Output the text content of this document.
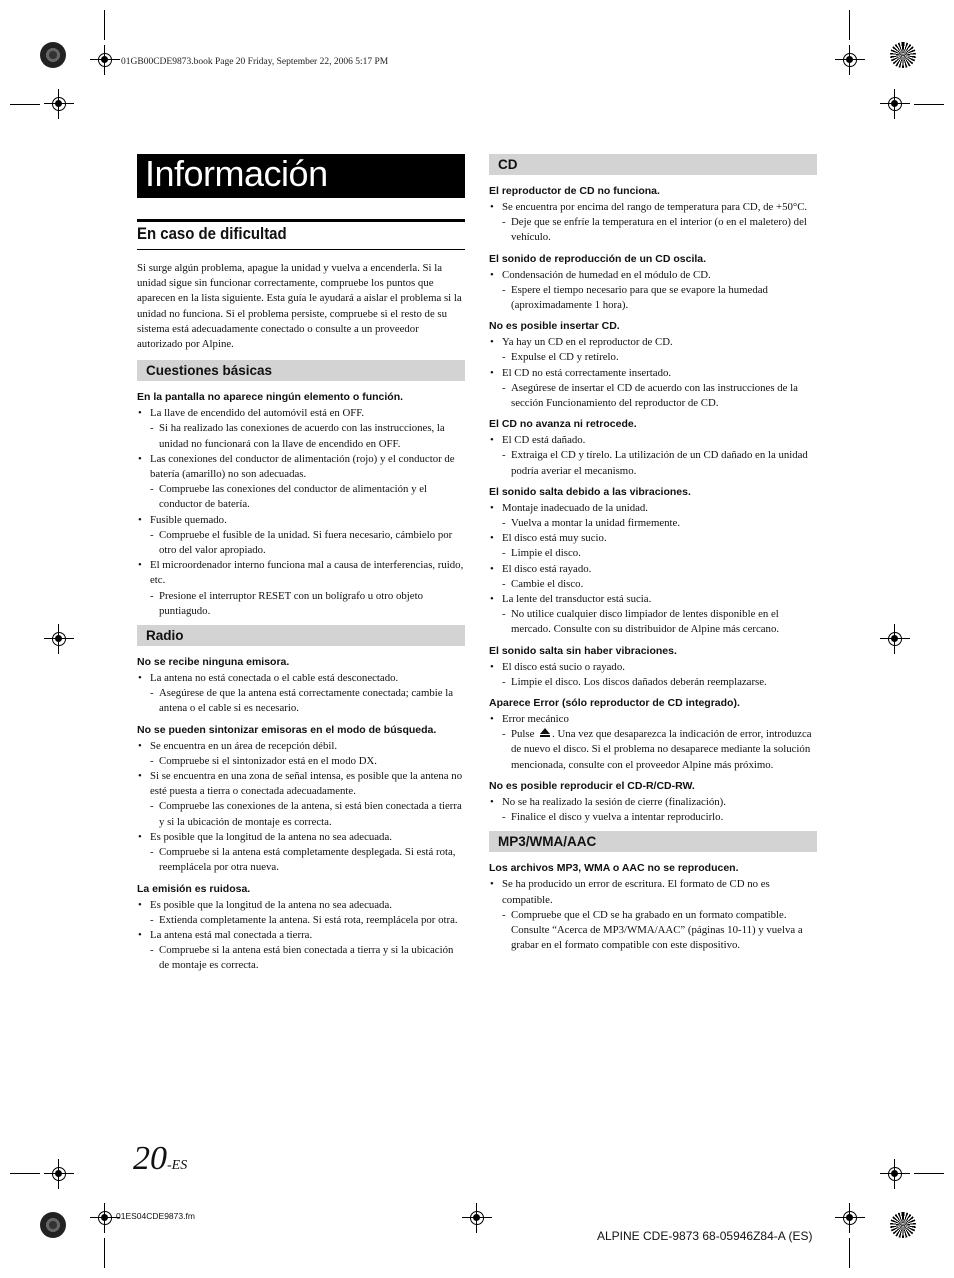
01GB00CDE9873.book Page 20 Friday, September 22, 2006 5:17 PM
Información
En caso de dificultad

Si surge algún problema, apague la unidad y vuelva a encenderla. Si la unidad sigue sin funcionar correctamente, compruebe los puntos que aparecen en la lista siguiente. Esta guía le ayudará a aislar el problema si la unidad no funciona. Si el problema persiste, compruebe si el resto de su sistema está adecuadamente conectado o consulte a un proveedor autorizado por Alpine.

Cuestiones básicas
En la pantalla no aparece ningún elemento o función.
• La llave de encendido del automóvil está en OFF.
- Si ha realizado las conexiones de acuerdo con las instrucciones, la unidad no funcionará con la llave de encendido en OFF.
• Las conexiones del conductor de alimentación (rojo) y el conductor de batería (amarillo) no son adecuadas.
- Compruebe las conexiones del conductor de alimentación y el conductor de batería.
• Fusible quemado.
- Compruebe el fusible de la unidad. Si fuera necesario, cámbielo por otro del valor apropiado.
• El microordenador interno funciona mal a causa de interferencias, ruido, etc.
- Presione el interruptor RESET con un bolígrafo u otro objeto puntiagudo.
Radio
No se recibe ninguna emisora.
• La antena no está conectada o el cable está desconectado.
- Asegúrese de que la antena está correctamente conectada; cambie la antena o el cable si es necesario.
No se pueden sintonizar emisoras en el modo de búsqueda.
• Se encuentra en un área de recepción débil.
- Compruebe si el sintonizador está en el modo DX.
• Si se encuentra en una zona de señal intensa, es posible que la antena no esté puesta a tierra o conectada adecuadamente.
- Compruebe las conexiones de la antena, si está bien conectada a tierra y si la ubicación de montaje es correcta.
• Es posible que la longitud de la antena no sea adecuada.
- Compruebe si la antena está completamente desplegada. Si está rota, reemplácela por otra nueva.
La emisión es ruidosa.
• Es posible que la longitud de la antena no sea adecuada.
- Extienda completamente la antena. Si está rota, reemplácela por otra.
• La antena está mal conectada a tierra.
- Compruebe si la antena está bien conectada a tierra y si la ubicación de montaje es correcta.
CD
El reproductor de CD no funciona.
• Se encuentra por encima del rango de temperatura para CD, de +50°C.
- Deje que se enfríe la temperatura en el interior (o en el maletero) del vehículo.
El sonido de reproducción de un CD oscila.
• Condensación de humedad en el módulo de CD.
- Espere el tiempo necesario para que se evapore la humedad (aproximadamente 1 hora).
No es posible insertar CD.
• Ya hay un CD en el reproductor de CD.
- Expulse el CD y retírelo.
• El CD no está correctamente insertado.
- Asegúrese de insertar el CD de acuerdo con las instrucciones de la sección Funcionamiento del reproductor de CD.
El CD no avanza ni retrocede.
• El CD está dañado.
- Extraiga el CD y tírelo. La utilización de un CD dañado en la unidad podría averiar el mecanismo.
El sonido salta debido a las vibraciones.
• Montaje inadecuado de la unidad.
- Vuelva a montar la unidad firmemente.
• El disco está muy sucio.
- Limpie el disco.
• El disco está rayado.
- Cambie el disco.
• La lente del transductor está sucia.
- No utilice cualquier disco limpiador de lentes disponible en el mercado. Consulte con su distribuidor de Alpine más cercano.
El sonido salta sin haber vibraciones.
• El disco está sucio o rayado.
- Limpie el disco. Los discos dañados deberán reemplazarse.
Aparece Error (sólo reproductor de CD integrado).
• Error mecánico
- Pulse . Una vez que desaparezca la indicación de error, introduzca de nuevo el disco. Si el problema no desaparece mediante la solución mencionada, consulte con el proveedor Alpine más próximo.
No es posible reproducir el CD-R/CD-RW.
• No se ha realizado la sesión de cierre (finalización).
- Finalice el disco y vuelva a intentar reproducirlo.
MP3/WMA/AAC
Los archivos MP3, WMA o AAC no se reproducen.
• Se ha producido un error de escritura. El formato de CD no es compatible.
- Compruebe que el CD se ha grabado en un formato compatible. Consulte “Acerca de MP3/WMA/AAC” (páginas 10-11) y vuelva a grabar en el formato compatible con este dispositivo.
20-ES
01ES04CDE9873.fm
ALPINE CDE-9873 68-05946Z84-A (ES)
